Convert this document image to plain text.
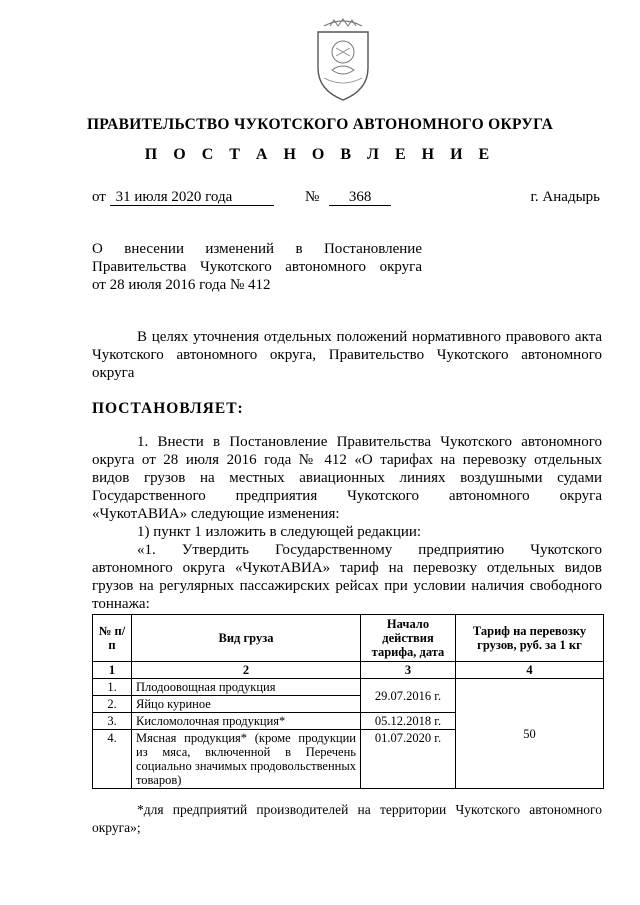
ПРАВИТЕЛЬСТВО ЧУКОТСКОГО АВТОНОМНОГО ОКРУГА
П О С Т А Н О В Л Е Н И Е
от 31 июля 2020 года	№ 368	г. Анадырь
О внесении изменений в Постановление
Правительства Чукотского автономного округа
от 28 июля 2016 года № 412
В целях уточнения отдельных положений нормативного правового акта
Чукотского автономного округа, Правительство Чукотского автономного
округа
ПОСТАНОВЛЯЕТ:
1. Внести в Постановление Правительства Чукотского автономного
округа от 28 июля 2016 года № 412 «О тарифах на перевозку отдельных
видов грузов на местных авиационных линиях воздушными судами
Государственного предприятия Чукотского автономного округа
«ЧукотАВИА» следующие изменения:
1) пункт 1 изложить в следующей редакции:
«1. Утвердить Государственному предприятию Чукотского
автономного округа «ЧукотАВИА» тариф на перевозку отдельных видов
грузов на регулярных пассажирских рейсах при условии наличия свободного
тоннажа:
№ п/п	Вид груза	Начало действия тарифа, дата	Тариф на перевозку грузов, руб. за 1 кг
1	2	3	4
1.	Плодоовощная продукция	29.07.2016 г.	50
2.	Яйцо куриное		
3.	Кисломолочная продукция*	05.12.2018 г.	
4.	Мясная продукция* (кроме продукции из мяса, включенной в Перечень социально значимых продовольственных товаров)	01.07.2020 г.	
*для предприятий производителей на территории Чукотского автономного
округа»;
